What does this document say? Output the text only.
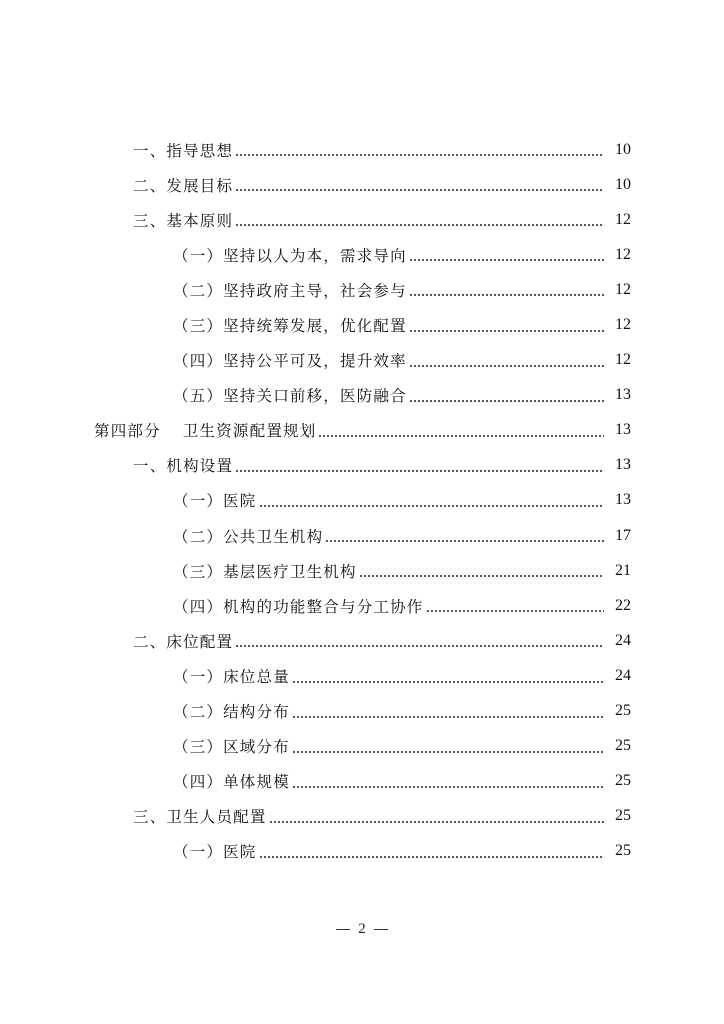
一、指导思想	10
二、发展目标	10
三、基本原则	12
（一）坚持以人为本，需求导向	12
（二）坚持政府主导，社会参与	12
（三）坚持统筹发展，优化配置	12
（四）坚持公平可及，提升效率	12
（五）坚持关口前移，医防融合	13
第四部分 卫生资源配置规划	13
一、机构设置	13
（一）医院	13
（二）公共卫生机构	17
（三）基层医疗卫生机构	21
（四）机构的功能整合与分工协作	22
二、床位配置	24
（一）床位总量	24
（二）结构分布	25
（三）区域分布	25
（四）单体规模	25
三、卫生人员配置	25
（一）医院	25
2
